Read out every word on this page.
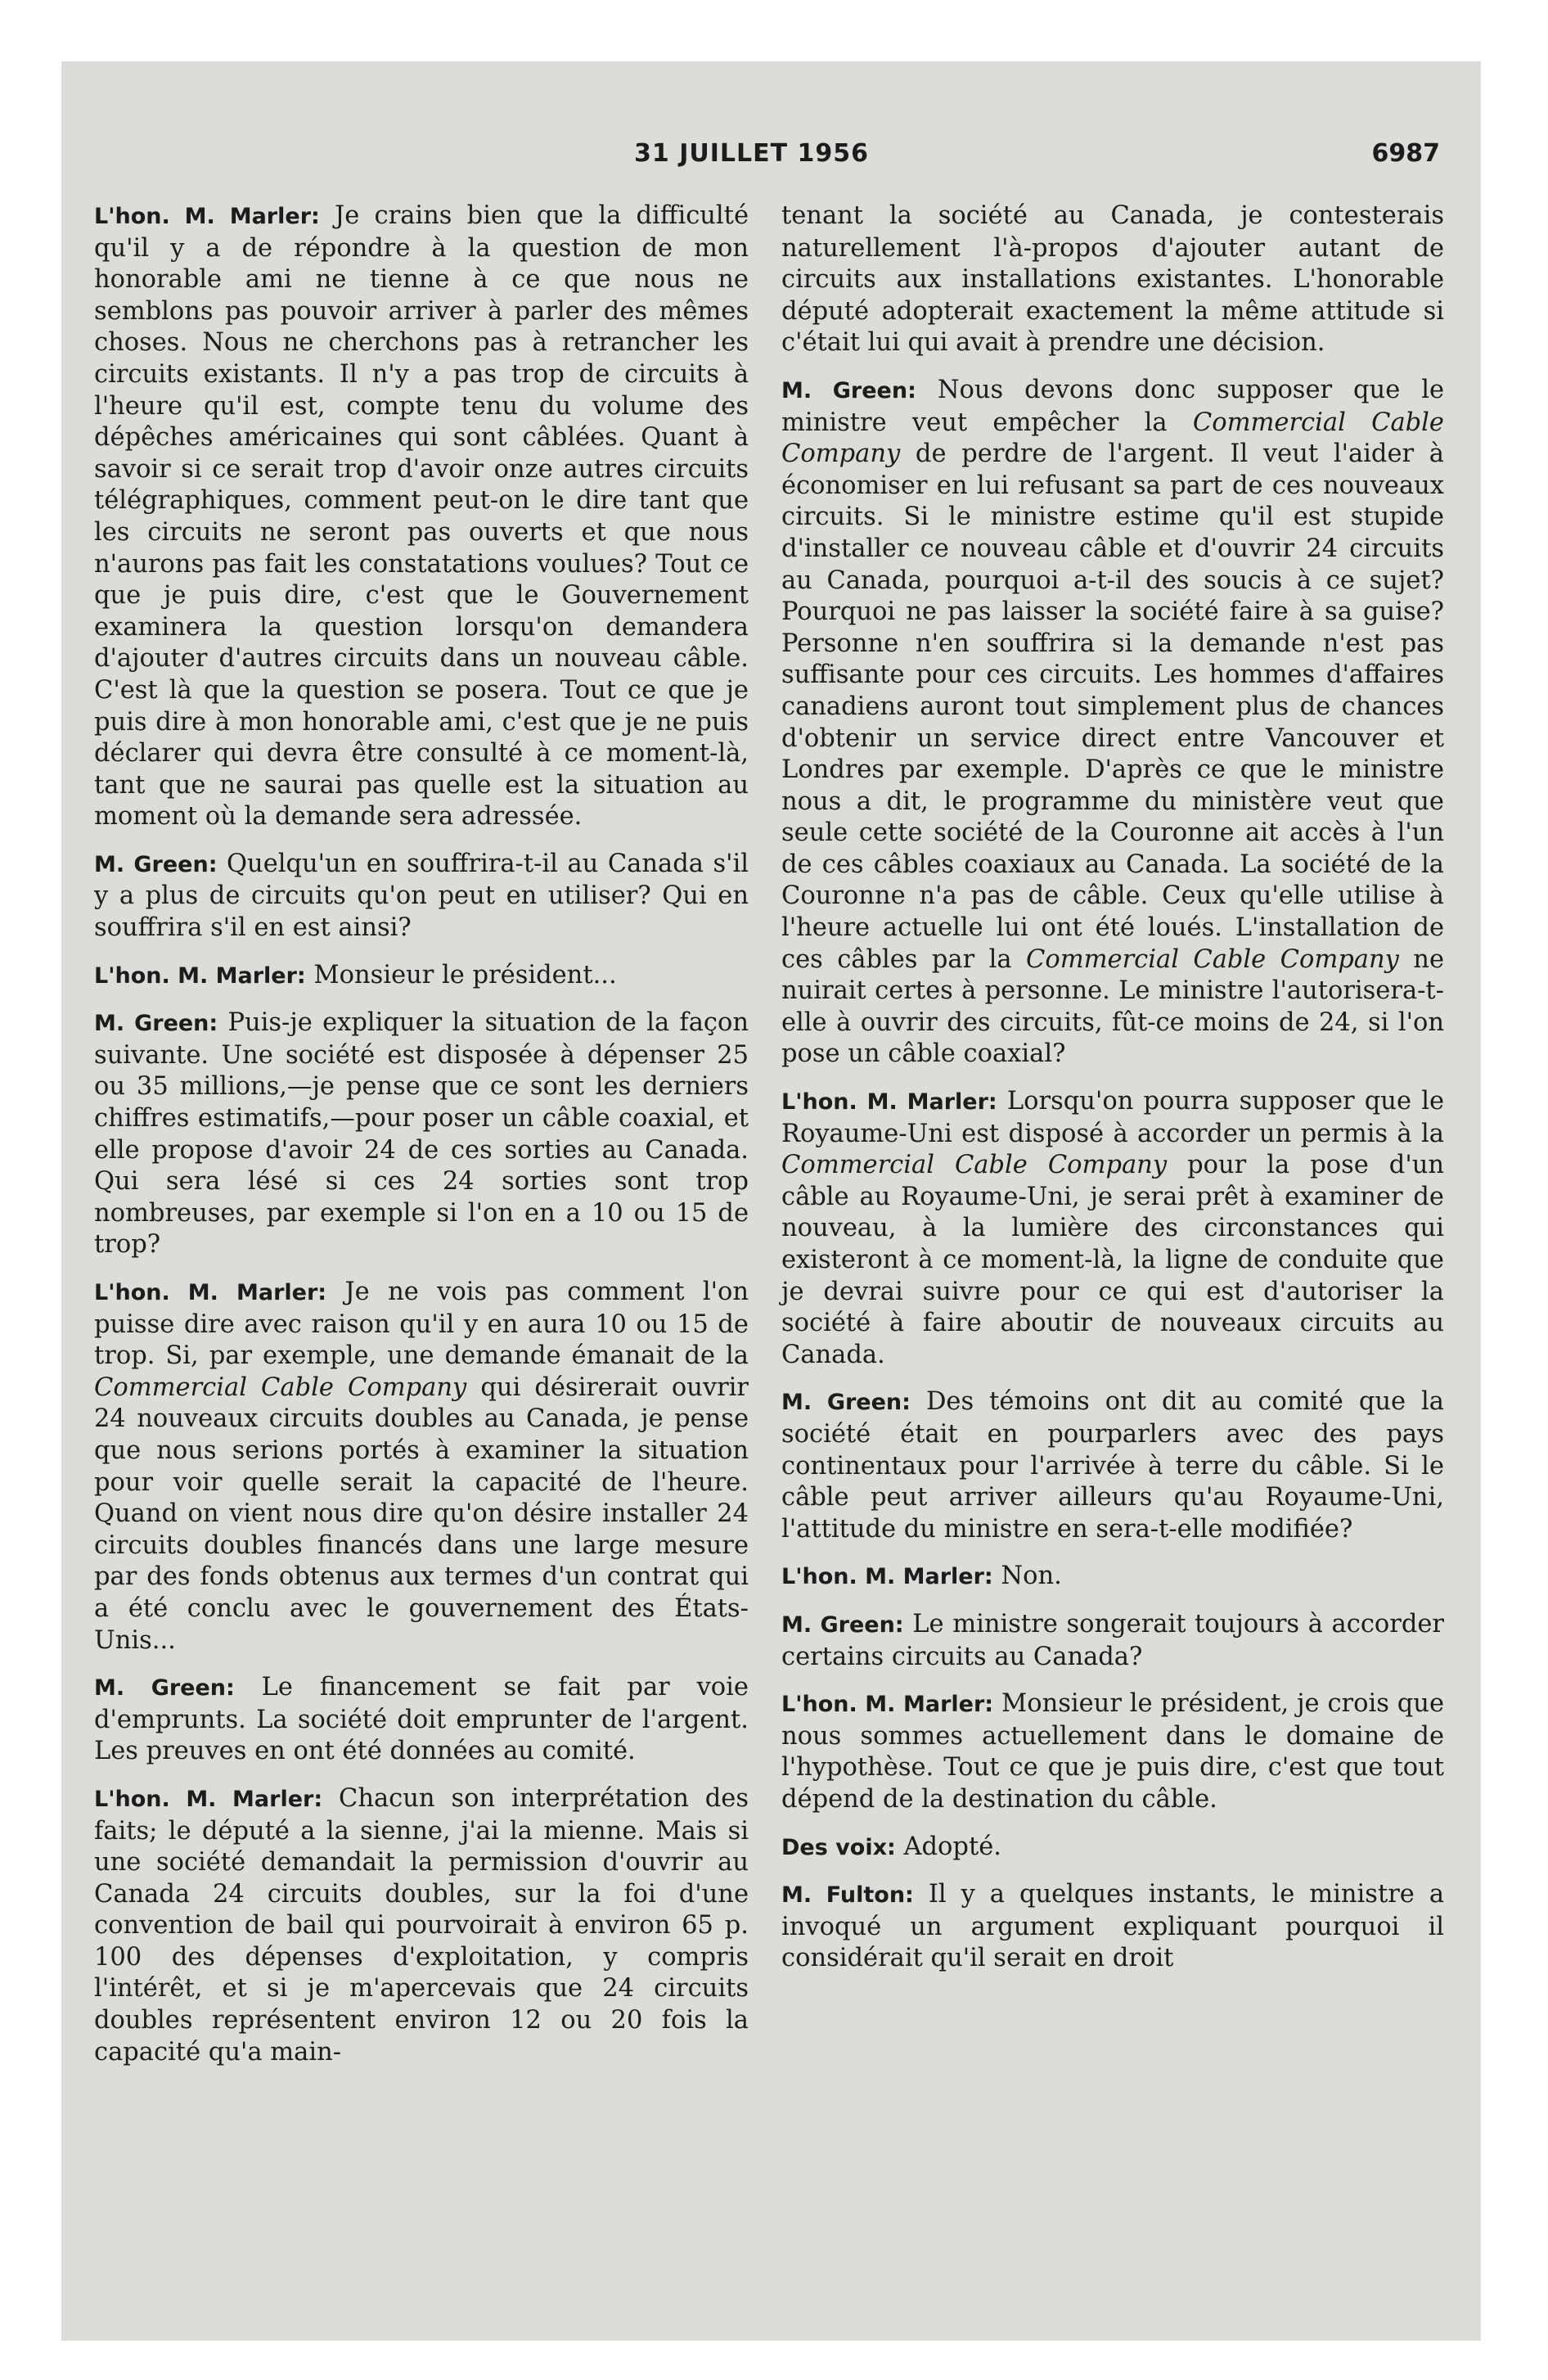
31 JUILLET 1956	6987

L'hon. M. Marler: Je crains bien que la difficulté qu'il y a de répondre à la question de mon honorable ami ne tienne à ce que nous ne semblons pas pouvoir arriver à parler des mêmes choses. Nous ne cherchons pas à retrancher les circuits existants. Il n'y a pas trop de circuits à l'heure qu'il est, compte tenu du volume des dépêches américaines qui sont câblées. Quant à savoir si ce serait trop d'avoir onze autres circuits télégraphiques, comment peut-on le dire tant que les circuits ne seront pas ouverts et que nous n'aurons pas fait les constatations voulues? Tout ce que je puis dire, c'est que le Gouvernement examinera la question lorsqu'on demandera d'ajouter d'autres circuits dans un nouveau câble. C'est là que la question se posera. Tout ce que je puis dire à mon honorable ami, c'est que je ne puis déclarer qui devra être consulté à ce moment-là, tant que ne saurai pas quelle est la situation au moment où la demande sera adressée.

M. Green: Quelqu'un en souffrira-t-il au Canada s'il y a plus de circuits qu'on peut en utiliser? Qui en souffrira s'il en est ainsi?

L'hon. M. Marler: Monsieur le président...

M. Green: Puis-je expliquer la situation de la façon suivante. Une société est disposée à dépenser 25 ou 35 millions,—je pense que ce sont les derniers chiffres estimatifs,—pour poser un câble coaxial, et elle propose d'avoir 24 de ces sorties au Canada. Qui sera lésé si ces 24 sorties sont trop nombreuses, par exemple si l'on en a 10 ou 15 de trop?

L'hon. M. Marler: Je ne vois pas comment l'on puisse dire avec raison qu'il y en aura 10 ou 15 de trop. Si, par exemple, une demande émanait de la Commercial Cable Company qui désirerait ouvrir 24 nouveaux circuits doubles au Canada, je pense que nous serions portés à examiner la situation pour voir quelle serait la capacité de l'heure. Quand on vient nous dire qu'on désire installer 24 circuits doubles financés dans une large mesure par des fonds obtenus aux termes d'un contrat qui a été conclu avec le gouvernement des États-Unis...

M. Green: Le financement se fait par voie d'emprunts. La société doit emprunter de l'argent. Les preuves en ont été données au comité.

L'hon. M. Marler: Chacun son interprétation des faits; le député a la sienne, j'ai la mienne. Mais si une société demandait la permission d'ouvrir au Canada 24 circuits doubles, sur la foi d'une convention de bail qui pourvoirait à environ 65 p. 100 des dépenses d'exploitation, y compris l'intérêt, et si je m'apercevais que 24 circuits doubles représentent environ 12 ou 20 fois la capacité qu'a main-

tenant la société au Canada, je contesterais naturellement l'à-propos d'ajouter autant de circuits aux installations existantes. L'honorable député adopterait exactement la même attitude si c'était lui qui avait à prendre une décision.

M. Green: Nous devons donc supposer que le ministre veut empêcher la Commercial Cable Company de perdre de l'argent. Il veut l'aider à économiser en lui refusant sa part de ces nouveaux circuits. Si le ministre estime qu'il est stupide d'installer ce nouveau câble et d'ouvrir 24 circuits au Canada, pourquoi a-t-il des soucis à ce sujet? Pourquoi ne pas laisser la société faire à sa guise? Personne n'en souffrira si la demande n'est pas suffisante pour ces circuits. Les hommes d'affaires canadiens auront tout simplement plus de chances d'obtenir un service direct entre Vancouver et Londres par exemple. D'après ce que le ministre nous a dit, le programme du ministère veut que seule cette société de la Couronne ait accès à l'un de ces câbles coaxiaux au Canada. La société de la Couronne n'a pas de câble. Ceux qu'elle utilise à l'heure actuelle lui ont été loués. L'installation de ces câbles par la Commercial Cable Company ne nuirait certes à personne. Le ministre l'autorisera-t-elle à ouvrir des circuits, fût-ce moins de 24, si l'on pose un câble coaxial?

L'hon. M. Marler: Lorsqu'on pourra supposer que le Royaume-Uni est disposé à accorder un permis à la Commercial Cable Company pour la pose d'un câble au Royaume-Uni, je serai prêt à examiner de nouveau, à la lumière des circonstances qui existeront à ce moment-là, la ligne de conduite que je devrai suivre pour ce qui est d'autoriser la société à faire aboutir de nouveaux circuits au Canada.

M. Green: Des témoins ont dit au comité que la société était en pourparlers avec des pays continentaux pour l'arrivée à terre du câble. Si le câble peut arriver ailleurs qu'au Royaume-Uni, l'attitude du ministre en sera-t-elle modifiée?

L'hon. M. Marler: Non.

M. Green: Le ministre songerait toujours à accorder certains circuits au Canada?

L'hon. M. Marler: Monsieur le président, je crois que nous sommes actuellement dans le domaine de l'hypothèse. Tout ce que je puis dire, c'est que tout dépend de la destination du câble.

Des voix: Adopté.

M. Fulton: Il y a quelques instants, le ministre a invoqué un argument expliquant pourquoi il considérait qu'il serait en droit
